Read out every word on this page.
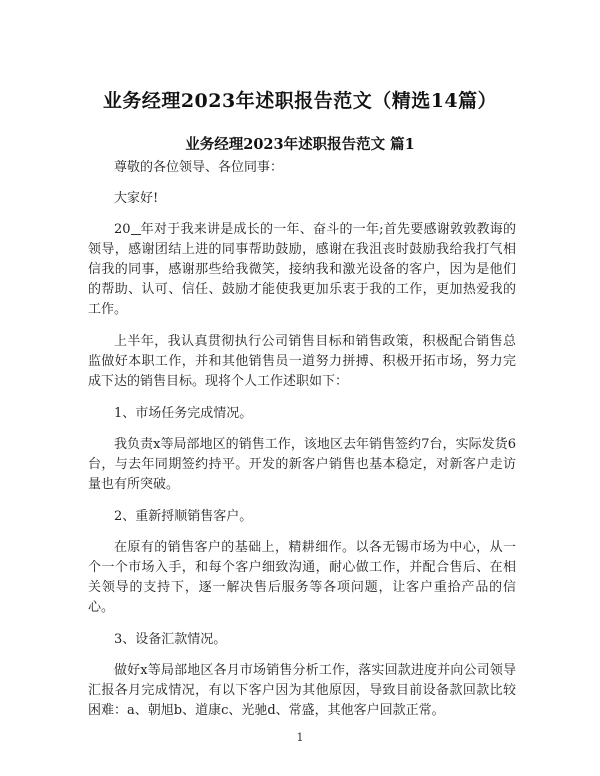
业务经理2023年述职报告范文（精选14篇）
业务经理2023年述职报告范文 篇1

尊敬的各位领导、各位同事：

大家好!

20 年对于我来讲是成长的一年、奋斗的一年;首先要感谢敦敦教诲的领导，感谢团结上进的同事帮助鼓励，感谢在我沮丧时鼓励我给我打气相信我的同事，感谢那些给我微笑，接纳我和激光设备的客户，因为是他们的帮助、认可、信任、鼓励才能使我更加乐衷于我的工作，更加热爱我的工作。

上半年，我认真贯彻执行公司销售目标和销售政策，积极配合销售总监做好本职工作，并和其他销售员一道努力拼搏、积极开拓市场，努力完成下达的销售目标。现将个人工作述职如下：

1、市场任务完成情况。

我负责x等局部地区的销售工作，该地区去年销售签约7台，实际发货6台，与去年同期签约持平。开发的新客户销售也基本稳定，对新客户走访量也有所突破。

2、重新捋顺销售客户。

在原有的销售客户的基础上，精耕细作。以各无锡市场为中心，从一个一个市场入手，和每个客户细致沟通，耐心做工作，并配合售后、在相关领导的支持下，逐一解决售后服务等各项问题，让客户重拾产品的信心。

3、设备汇款情况。

做好x等局部地区各月市场销售分析工作，落实回款进度并向公司领导汇报各月完成情况，有以下客户因为其他原因，导致目前设备款回款比较困难：a、朝旭b、道康c、光驰d、常盛，其他客户回款正常。

1
